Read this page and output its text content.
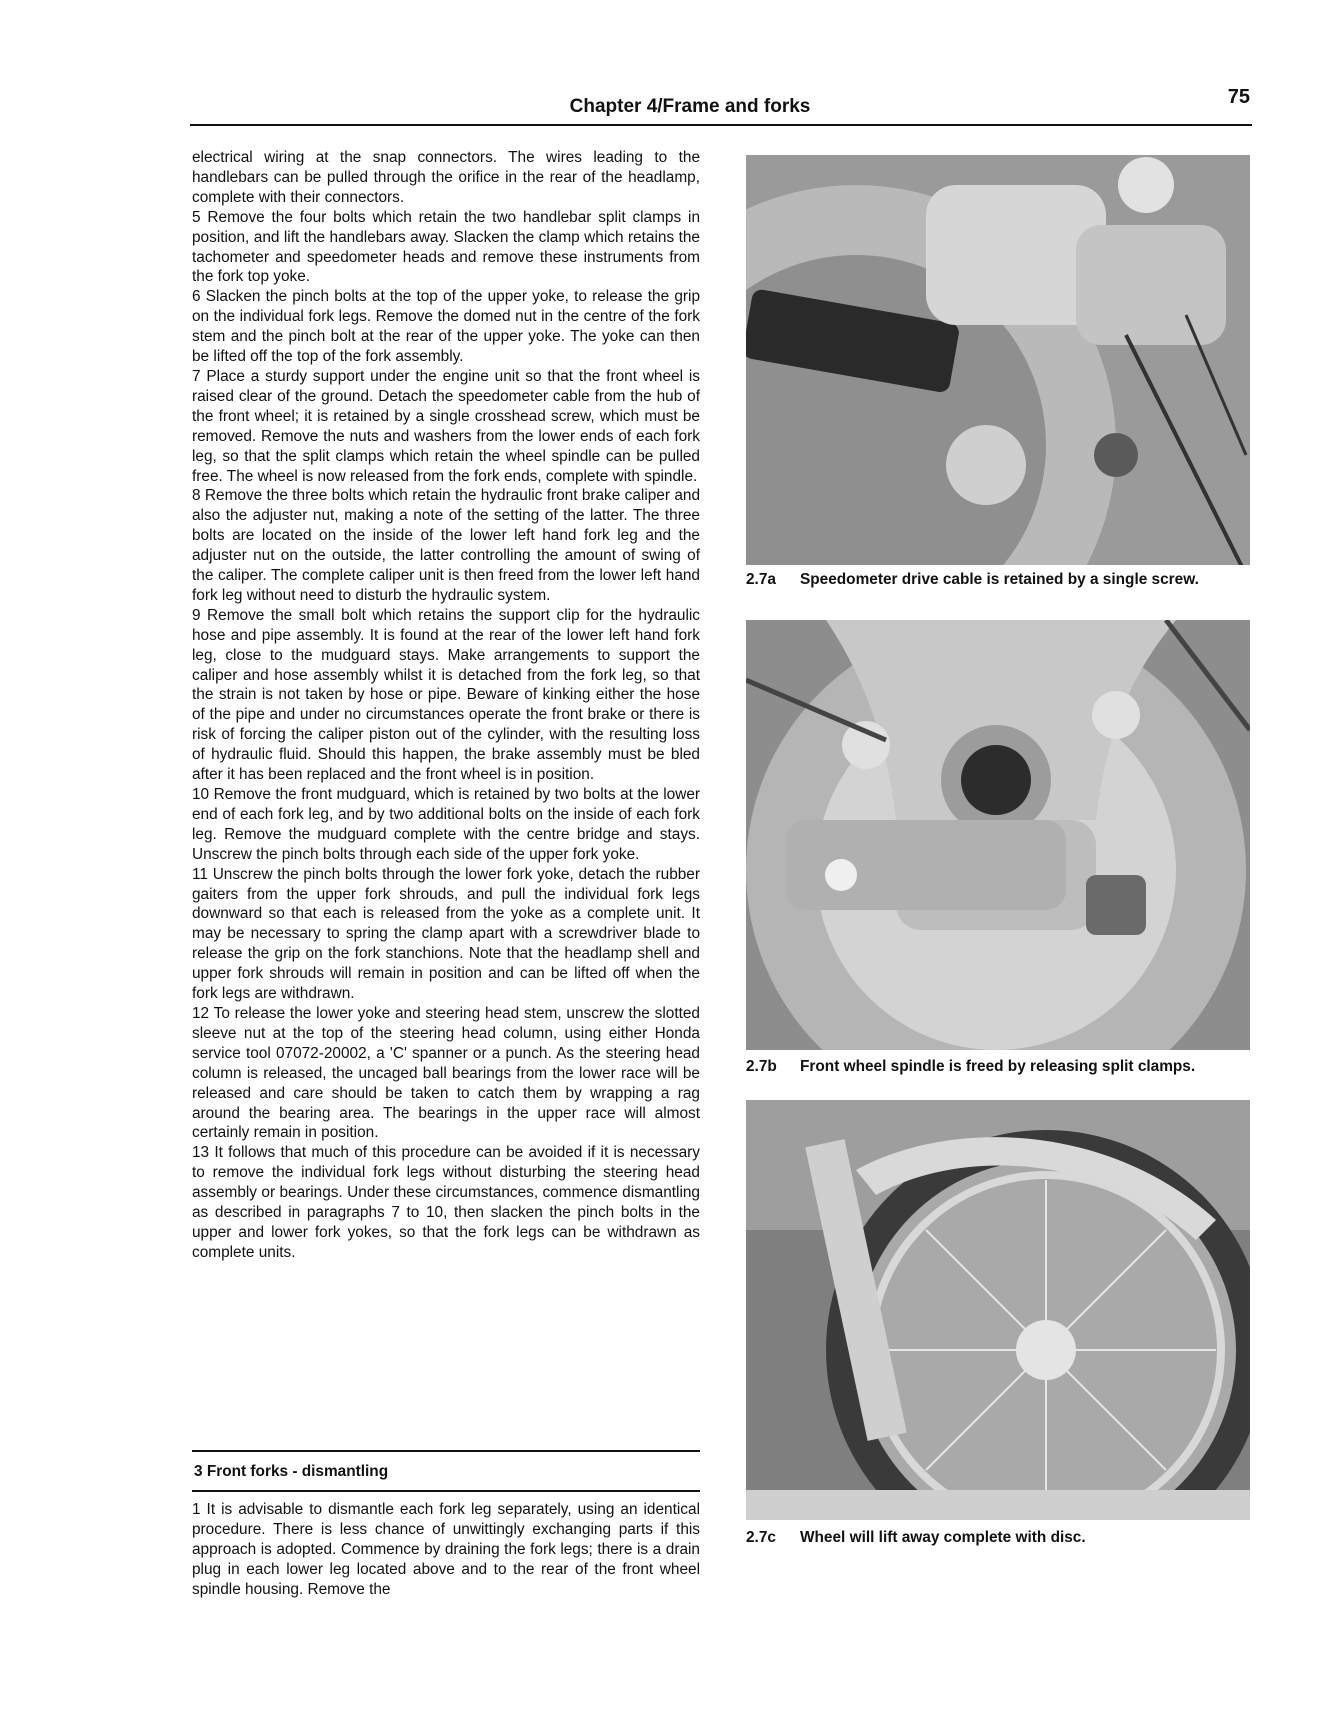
Chapter 4/Frame and forks	75

electrical wiring at the snap connectors. The wires leading to the handlebars can be pulled through the orifice in the rear of the headlamp, complete with their connectors.

5 Remove the four bolts which retain the two handlebar split clamps in position, and lift the handlebars away. Slacken the clamp which retains the tachometer and speedometer heads and remove these instruments from the fork top yoke.

6 Slacken the pinch bolts at the top of the upper yoke, to release the grip on the individual fork legs. Remove the domed nut in the centre of the fork stem and the pinch bolt at the rear of the upper yoke. The yoke can then be lifted off the top of the fork assembly.

7 Place a sturdy support under the engine unit so that the front wheel is raised clear of the ground. Detach the speedometer cable from the hub of the front wheel; it is retained by a single crosshead screw, which must be removed. Remove the nuts and washers from the lower ends of each fork leg, so that the split clamps which retain the wheel spindle can be pulled free. The wheel is now released from the fork ends, complete with spindle.

8 Remove the three bolts which retain the hydraulic front brake caliper and also the adjuster nut, making a note of the setting of the latter. The three bolts are located on the inside of the lower left hand fork leg and the adjuster nut on the outside, the latter controlling the amount of swing of the caliper. The complete caliper unit is then freed from the lower left hand fork leg without need to disturb the hydraulic system.

9 Remove the small bolt which retains the support clip for the hydraulic hose and pipe assembly. It is found at the rear of the lower left hand fork leg, close to the mudguard stays. Make arrangements to support the caliper and hose assembly whilst it is detached from the fork leg, so that the strain is not taken by hose or pipe. Beware of kinking either the hose of the pipe and under no circumstances operate the front brake or there is risk of forcing the caliper piston out of the cylinder, with the resulting loss of hydraulic fluid. Should this happen, the brake assembly must be bled after it has been replaced and the front wheel is in position.

10 Remove the front mudguard, which is retained by two bolts at the lower end of each fork leg, and by two additional bolts on the inside of each fork leg. Remove the mudguard complete with the centre bridge and stays. Unscrew the pinch bolts through each side of the upper fork yoke.

11 Unscrew the pinch bolts through the lower fork yoke, detach the rubber gaiters from the upper fork shrouds, and pull the individual fork legs downward so that each is released from the yoke as a complete unit. It may be necessary to spring the clamp apart with a screwdriver blade to release the grip on the fork stanchions. Note that the headlamp shell and upper fork shrouds will remain in position and can be lifted off when the fork legs are withdrawn.

12 To release the lower yoke and steering head stem, unscrew the slotted sleeve nut at the top of the steering head column, using either Honda service tool 07072-20002, a 'C' spanner or a punch. As the steering head column is released, the uncaged ball bearings from the lower race will be released and care should be taken to catch them by wrapping a rag around the bearing area. The bearings in the upper race will almost certainly remain in position.

13 It follows that much of this procedure can be avoided if it is necessary to remove the individual fork legs without disturbing the steering head assembly or bearings. Under these circumstances, commence dismantling as described in paragraphs 7 to 10, then slacken the pinch bolts in the upper and lower fork yokes, so that the fork legs can be withdrawn as complete units.

3 Front forks - dismantling

1 It is advisable to dismantle each fork leg separately, using an identical procedure. There is less chance of unwittingly exchanging parts if this approach is adopted. Commence by draining the fork legs; there is a drain plug in each lower leg located above and to the rear of the front wheel spindle housing. Remove the

2.7a Speedometer drive cable is retained by a single screw.
2.7b Front wheel spindle is freed by releasing split clamps.
2.7c Wheel will lift away complete with disc.
